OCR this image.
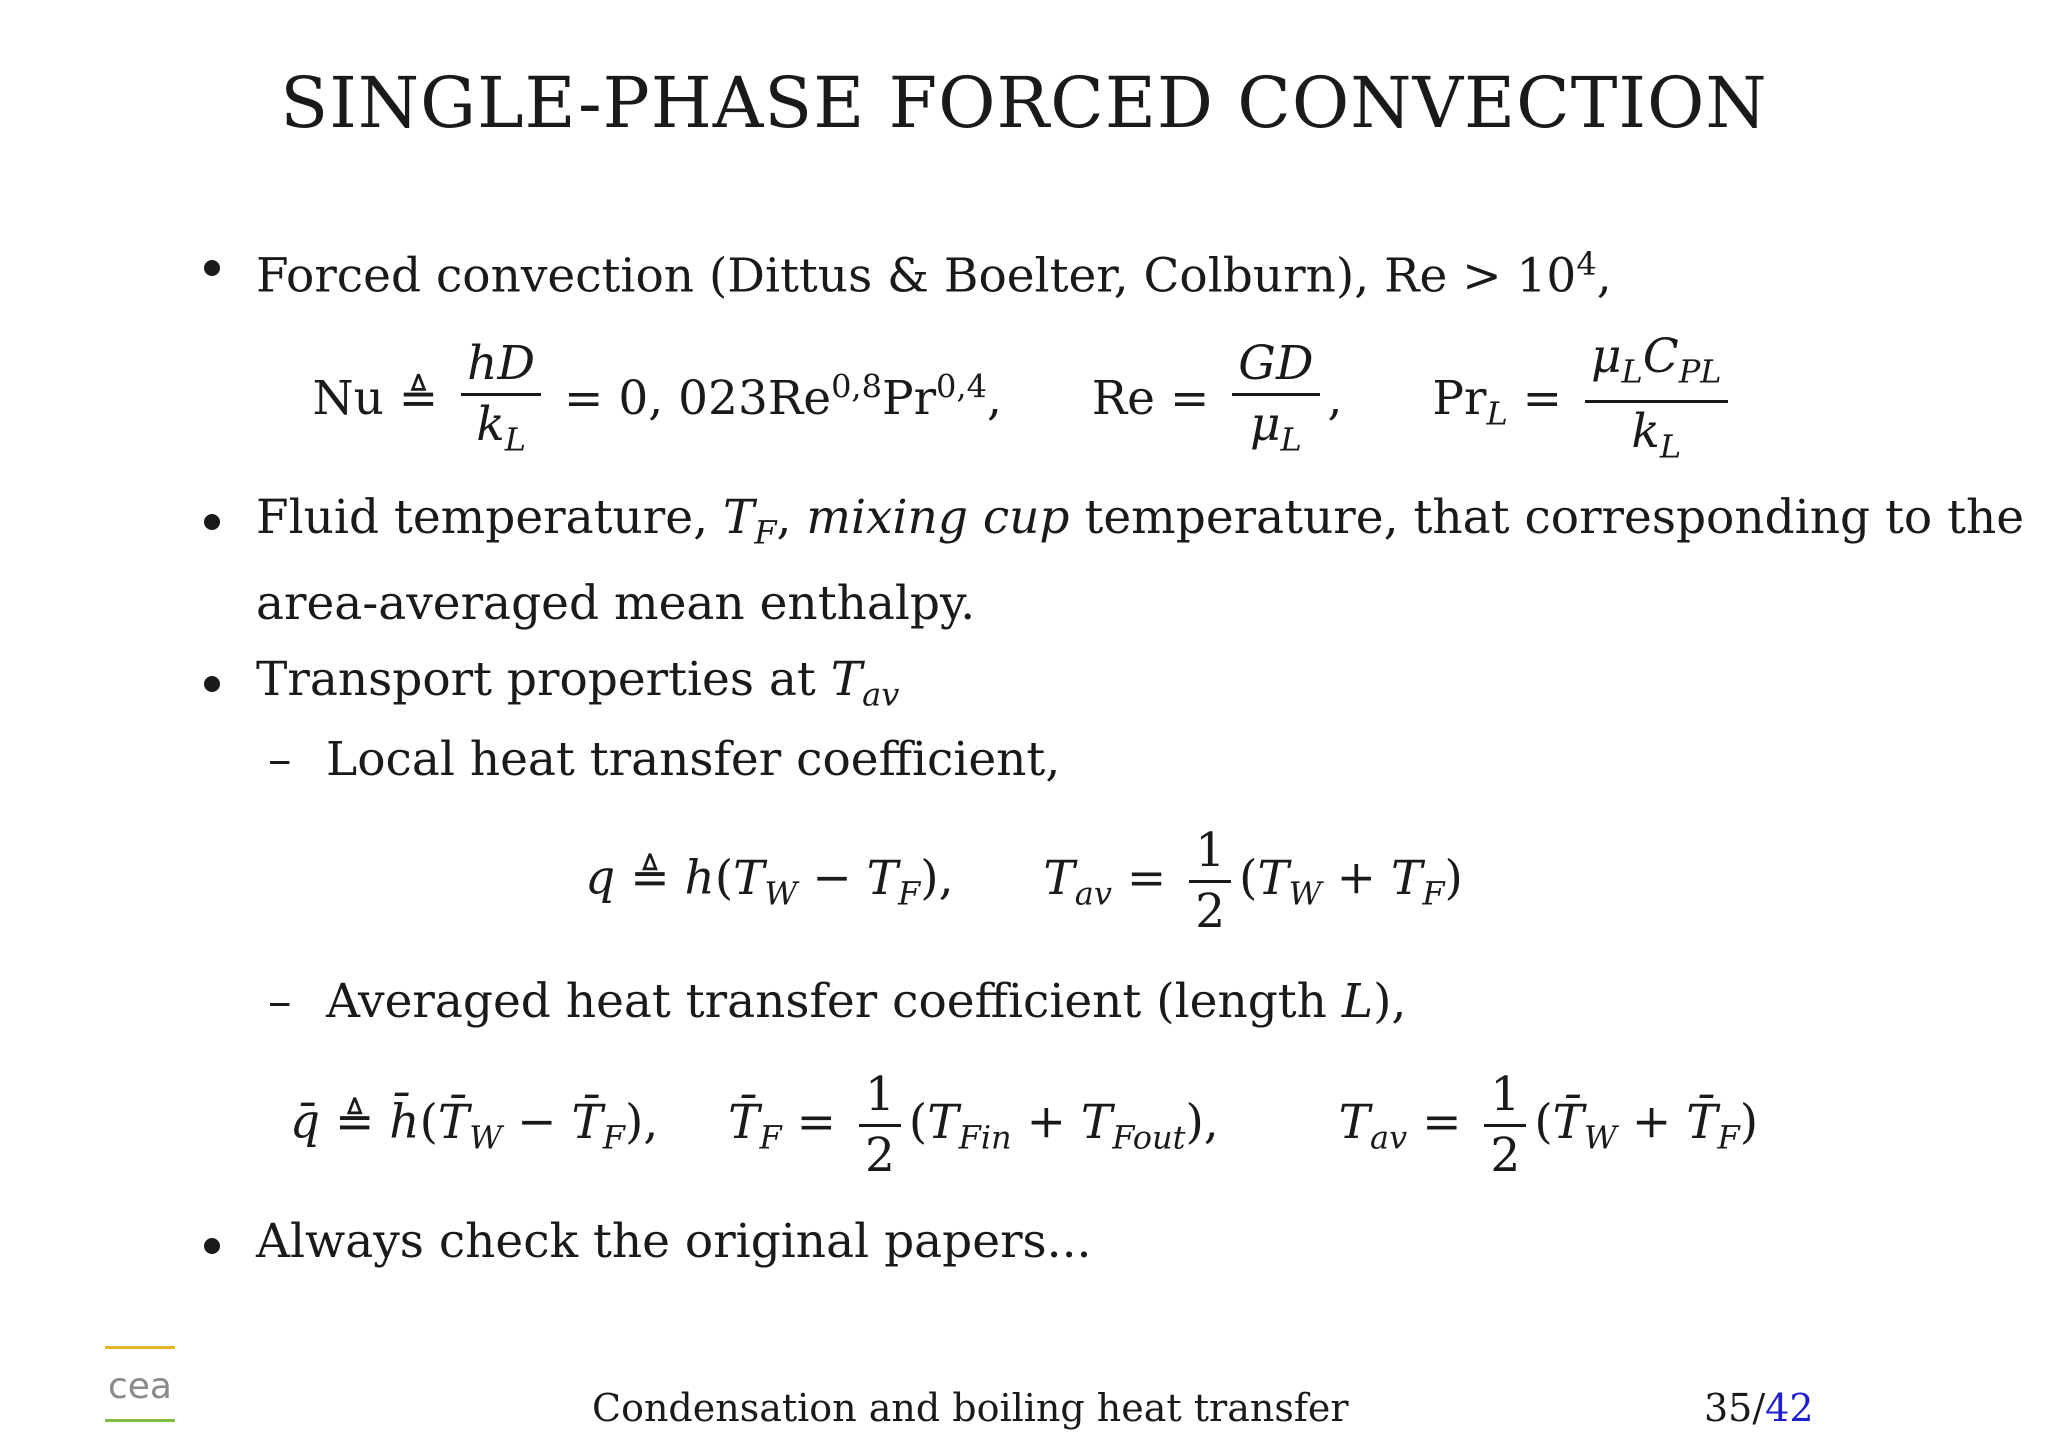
SINGLE-PHASE FORCED CONVECTION
Forced convection (Dittus & Boelter, Colburn), $Re > 10^4$,
Nu ≜ $\frac{hD}{k_L} = 0$, 023Re$^{0,8}$Pr$^{0,4}$, $Re = \frac{GD}{\mu_L}$ , $Pr_L = \frac{\mu_LC_{PL}}{k_L}$
Fluid temperature, $T_F$, mixing cup temperature, that corresponding to the
area-averaged mean enthalpy.
Transport properties at $T_{av}$
– Local heat transfer coefficient,
q ≜ $h(T_W - T_F)$,  $T_{av} = \frac{1}{2} (T_W + T_F)$
– Averaged heat transfer coefficient (length L),
q̄ ≜ $h̄(T̄_W$ − $T̄_F$),  $T̄_F = \frac{1}{2} (T_{Fin} + T_{Fout})$,  $T_{av} = \frac{1}{2}$ ($T̄_W$ + $T̄_F$)
Always check the original papers...
cea	Condensation and boiling heat transfer	35/42
